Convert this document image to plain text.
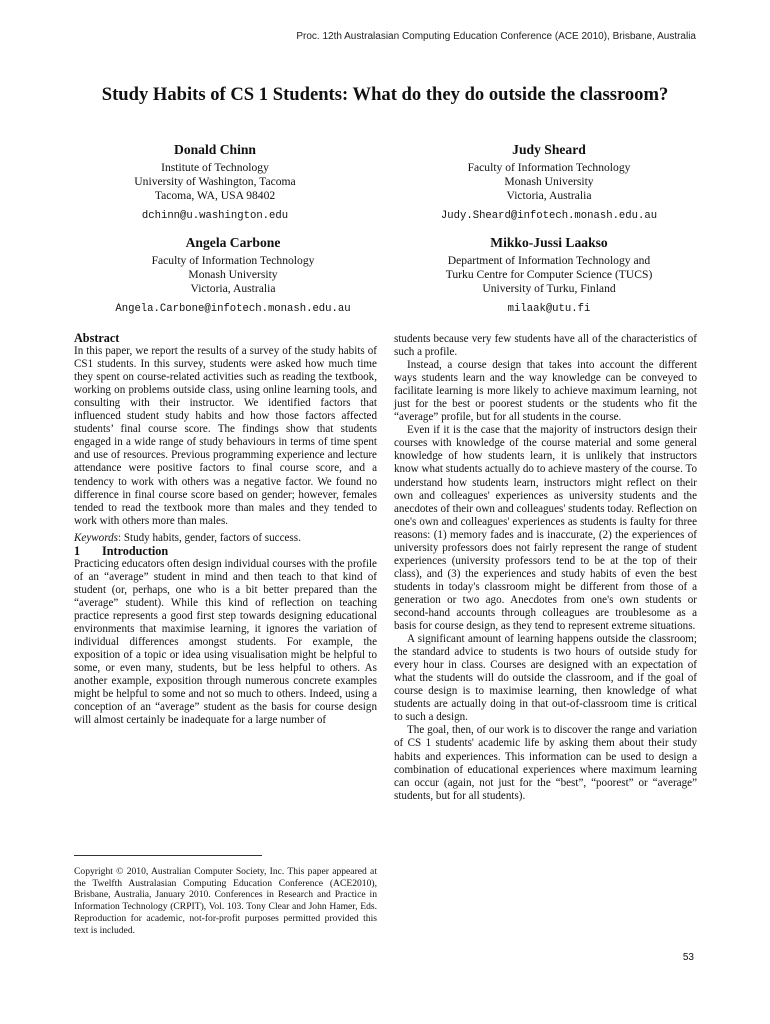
Proc. 12th Australasian Computing Education Conference (ACE 2010), Brisbane, Australia
Study Habits of CS 1 Students: What do they do outside the classroom?
Donald Chinn
Institute of Technology
University of Washington, Tacoma
Tacoma, WA, USA 98402
dchinn@u.washington.edu
Judy Sheard
Faculty of Information Technology
Monash University
Victoria, Australia
Judy.Sheard@infotech.monash.edu.au
Angela Carbone
Faculty of Information Technology
Monash University
Victoria, Australia
Angela.Carbone@infotech.monash.edu.au
Mikko-Jussi Laakso
Department of Information Technology and
Turku Centre for Computer Science (TUCS)
University of Turku, Finland
milaak@utu.fi

Abstract

In this paper, we report the results of a survey of the study habits of CS1 students. In this survey, students were asked how much time they spent on course-related activities such as reading the textbook, working on problems outside class, using online learning tools, and consulting with their instructor. We identified factors that influenced student study habits and how those factors affected students’ final course score. The findings show that students engaged in a wide range of study behaviours in terms of time spent and use of resources. Previous programming experience and lecture attendance were positive factors to final course score, and a tendency to work with others was a negative factor. We found no difference in final course score based on gender; however, females tended to read the textbook more than males and they tended to work with others more than males.

Keywords: Study habits, gender, factors of success.

1 Introduction

Practicing educators often design individual courses with the profile of an “average” student in mind and then teach to that kind of student (or, perhaps, one who is a bit better prepared than the “average” student). While this kind of reflection on teaching practice represents a good first step towards designing educational environments that maximise learning, it ignores the variation of individual differences amongst students. For example, the exposition of a topic or idea using visualisation might be helpful to some, or even many, students, but be less helpful to others. As another example, exposition through numerous concrete examples might be helpful to some and not so much to others. Indeed, using a conception of an “average” student as the basis for course design will almost certainly be inadequate for a large number of

students because very few students have all of the characteristics of such a profile.

Instead, a course design that takes into account the different ways students learn and the way knowledge can be conveyed to facilitate learning is more likely to achieve maximum learning, not just for the best or poorest students or the students who fit the “average” profile, but for all students in the course.

Even if it is the case that the majority of instructors design their courses with knowledge of the course material and some general knowledge of how students learn, it is unlikely that instructors know what students actually do to achieve mastery of the course. To understand how students learn, instructors might reflect on their own and colleagues' experiences as university students and the anecdotes of their own and colleagues' students today. Reflection on one's own and colleagues' experiences as students is faulty for three reasons: (1) memory fades and is inaccurate, (2) the experiences of university professors does not fairly represent the range of student experiences (university professors tend to be at the top of their class), and (3) the experiences and study habits of even the best students in today's classroom might be different from those of a generation or two ago. Anecdotes from one's own students or second-hand accounts through colleagues are troublesome as a basis for course design, as they tend to represent extreme situations.

A significant amount of learning happens outside the classroom; the standard advice to students is two hours of outside study for every hour in class. Courses are designed with an expectation of what the students will do outside the classroom, and if the goal of course design is to maximise learning, then knowledge of what students are actually doing in that out-of-classroom time is critical to such a design.

The goal, then, of our work is to discover the range and variation of CS 1 students' academic life by asking them about their study habits and experiences. This information can be used to design a combination of educational experiences where maximum learning can occur (again, not just for the “best”, “poorest” or “average” students, but for all students).

Copyright © 2010, Australian Computer Society, Inc. This paper appeared at the Twelfth Australasian Computing Education Conference (ACE2010), Brisbane, Australia, January 2010. Conferences in Research and Practice in Information Technology (CRPIT), Vol. 103. Tony Clear and John Hamer, Eds. Reproduction for academic, not-for-profit purposes permitted provided this text is included.

53
